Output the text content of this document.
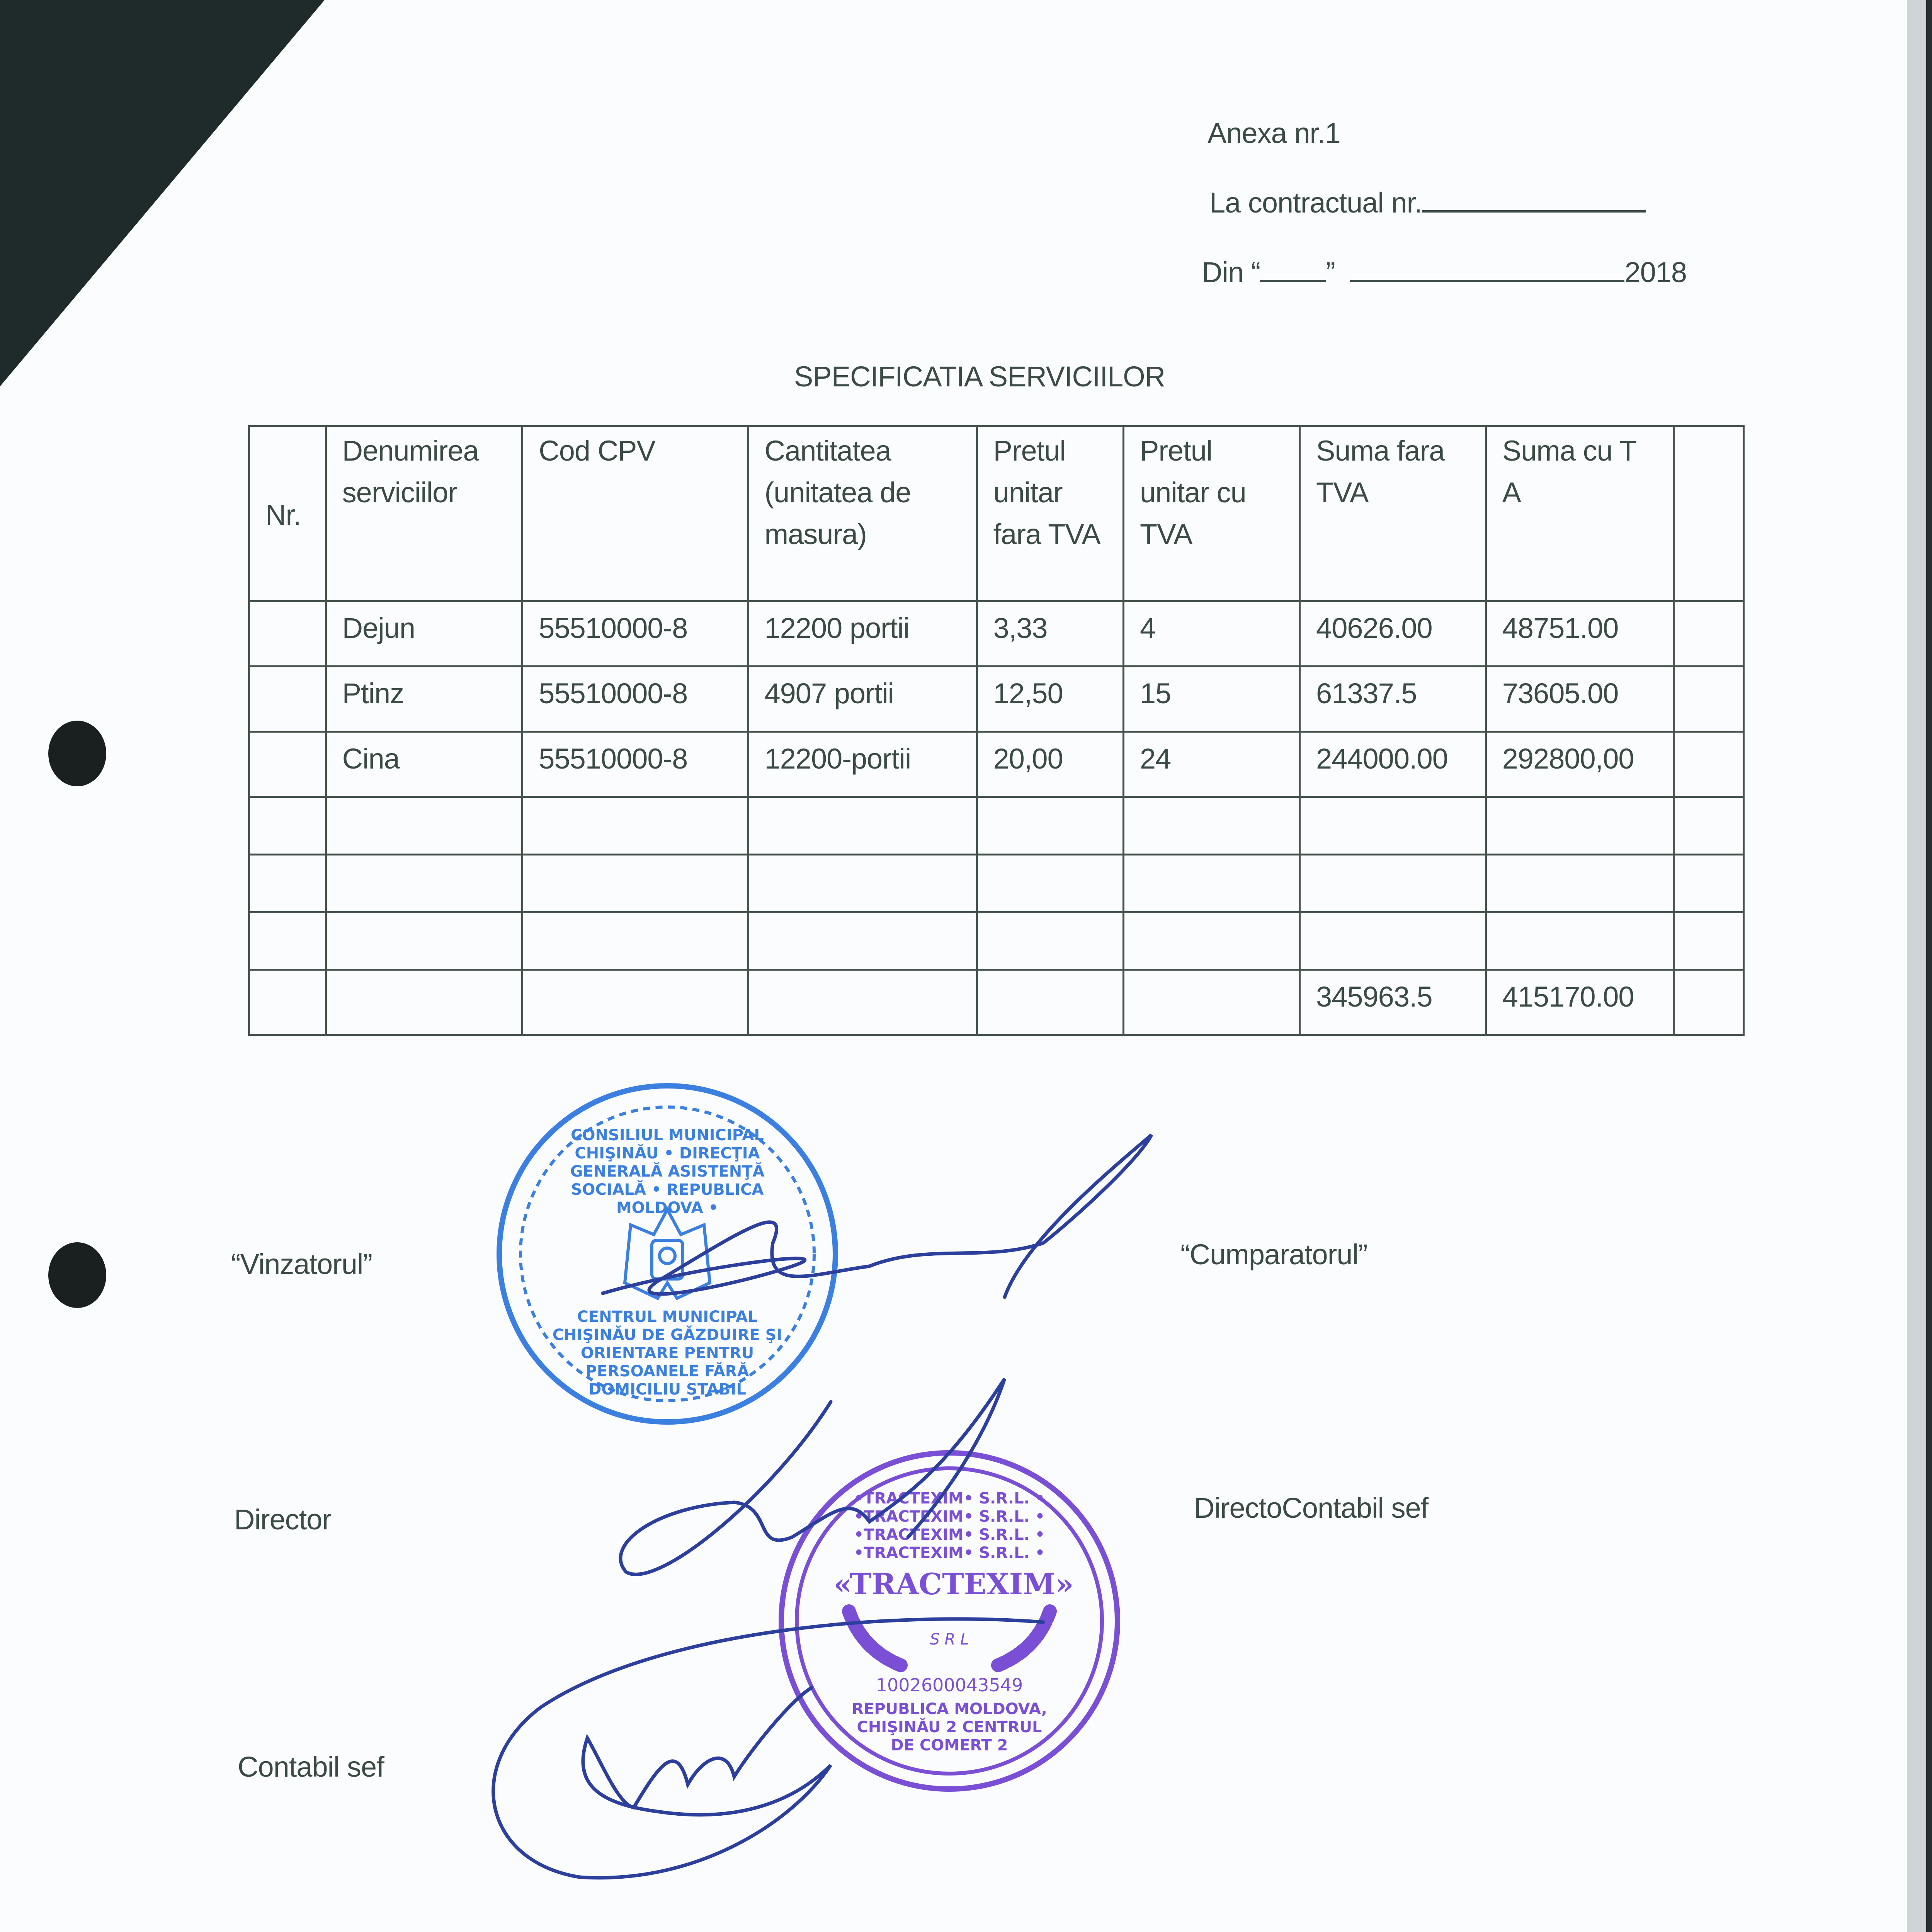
Anexa nr.1
La contractual nr.
Din “ ”	2018
SPECIFICATIA SERVICIILOR
Nr.	Denumirea serviciilor	Cod CPV	Cantitatea (unitatea de masura)	Pretul unitar fara TVA	Pretul unitar cu TVA	Suma fara TVA	Suma cu T A	
	Dejun	55510000-8	12200 portii	3,33	4	40626.00	48751.00	
	Ptinz	55510000-8	4907 portii	12,50	15	61337.5	73605.00	
	Cina	55510000-8	12200-portii	20,00	24	244000.00	292800,00	

						345963.5	415170.00	
“Vinzatorul”	“Cumparatorul”
Director	DirectoContabil sef
Contabil sef
CONSILIUL MUNICIPAL CHIŞINĂU • DIRECŢIA GENERALĂ ASISTENŢĂ SOCIALĂ • REPUBLICA MOLDOVA •
CENTRUL MUNICIPAL CHIŞINĂU DE GĂZDUIRE ŞI ORIENTARE PENTRU PERSOANELE FĂRĂ DOMICILIU STABIL
•TRACTEXIM• S.R.L. • •TRACTEXIM• S.R.L. • •TRACTEXIM• S.R.L. • •TRACTEXIM• S.R.L. •
«TRACTEXIM»
S R L
1002600043549
REPUBLICA MOLDOVA, CHIŞINĂU 2 CENTRUL DE COMERT 2
